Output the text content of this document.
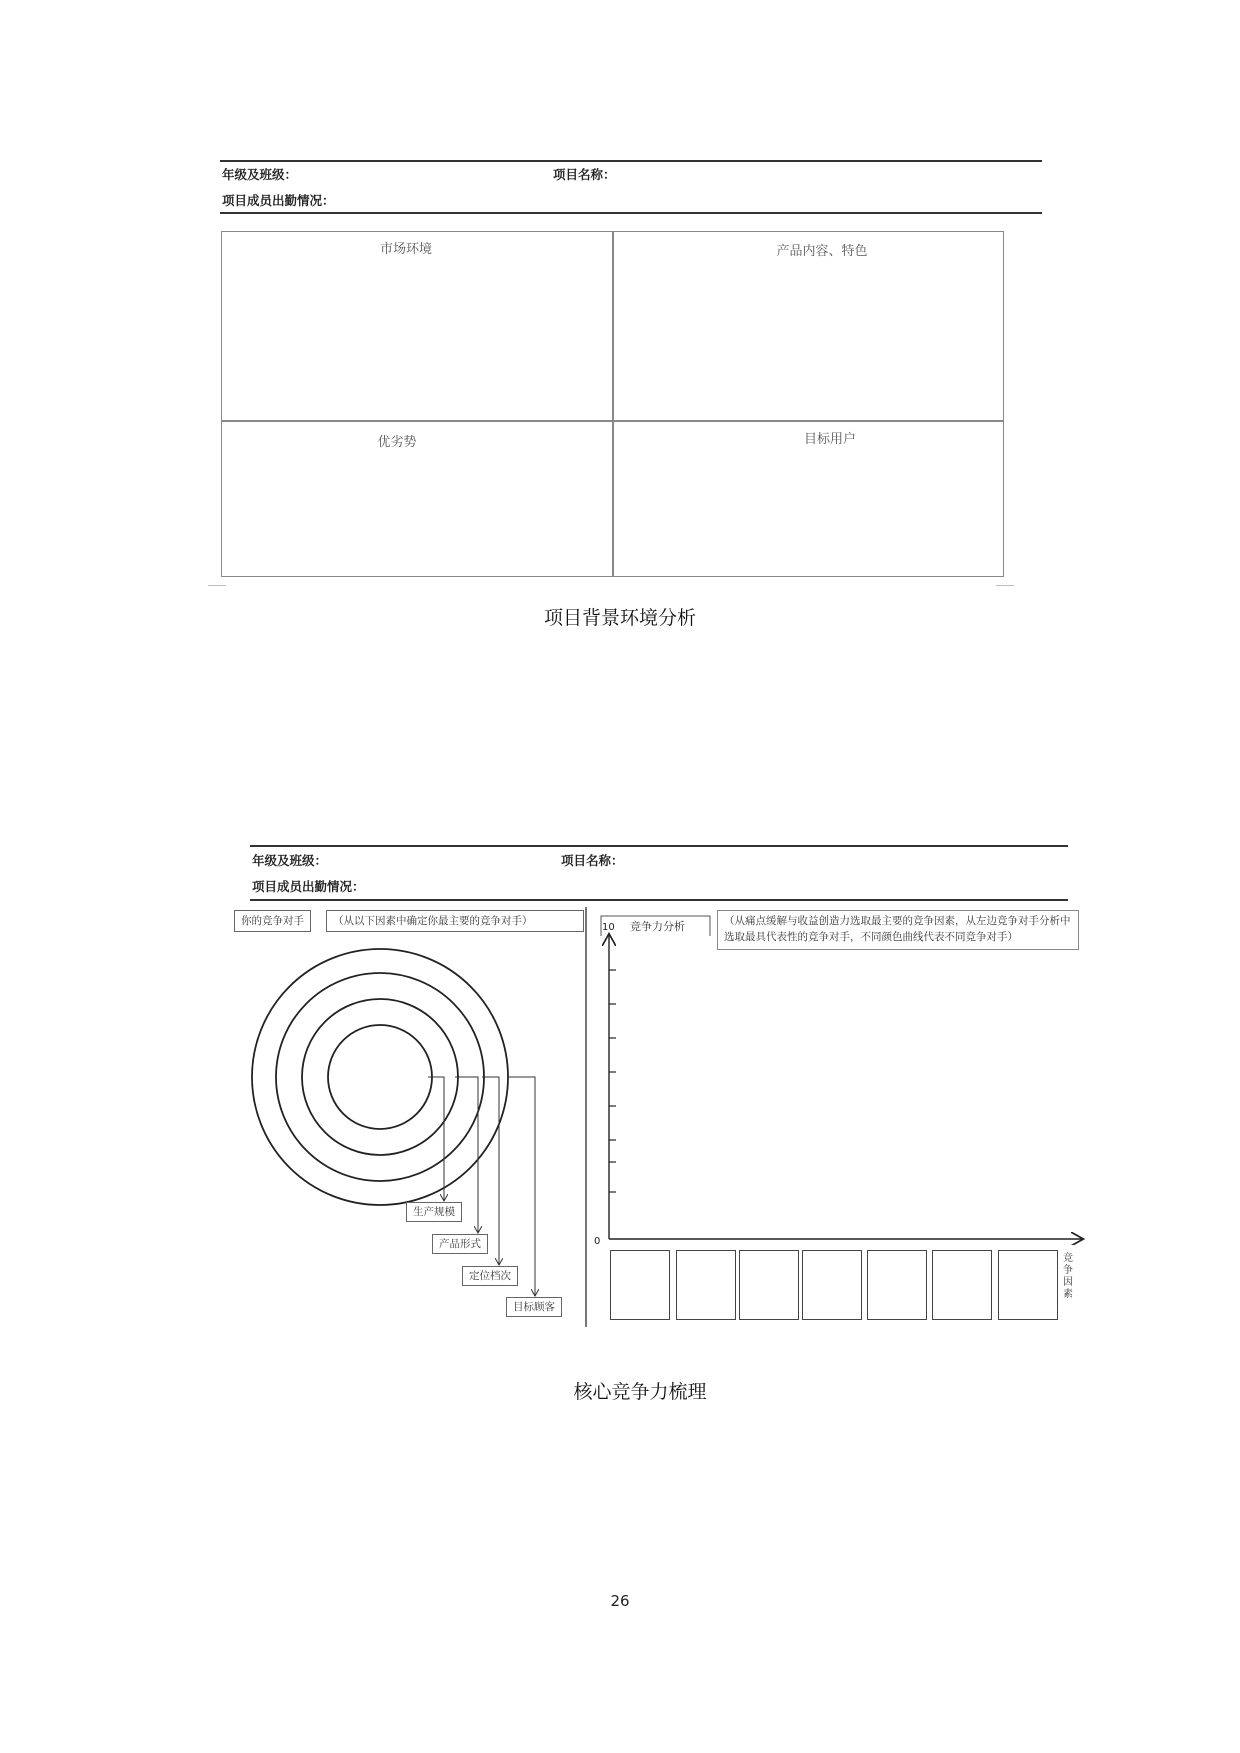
年级及班级：	项目名称：
项目成员出勤情况：
市场环境	产品内容、特色
优劣势	目标用户
项目背景环境分析
年级及班级：	项目名称：
项目成员出勤情况：
你的竞争对手	（从以下因素中确定你最主要的竞争对手）
生产规模
产品形式
定位档次
目标顾客
竞争力分析	（从痛点缓解与收益创造力选取最主要的竞争因素，从左边竞争对手分析中选取最具代表性的竞争对手，不同颜色曲线代表不同竞争对手）
10
0
竞争因素
核心竞争力梳理
26
